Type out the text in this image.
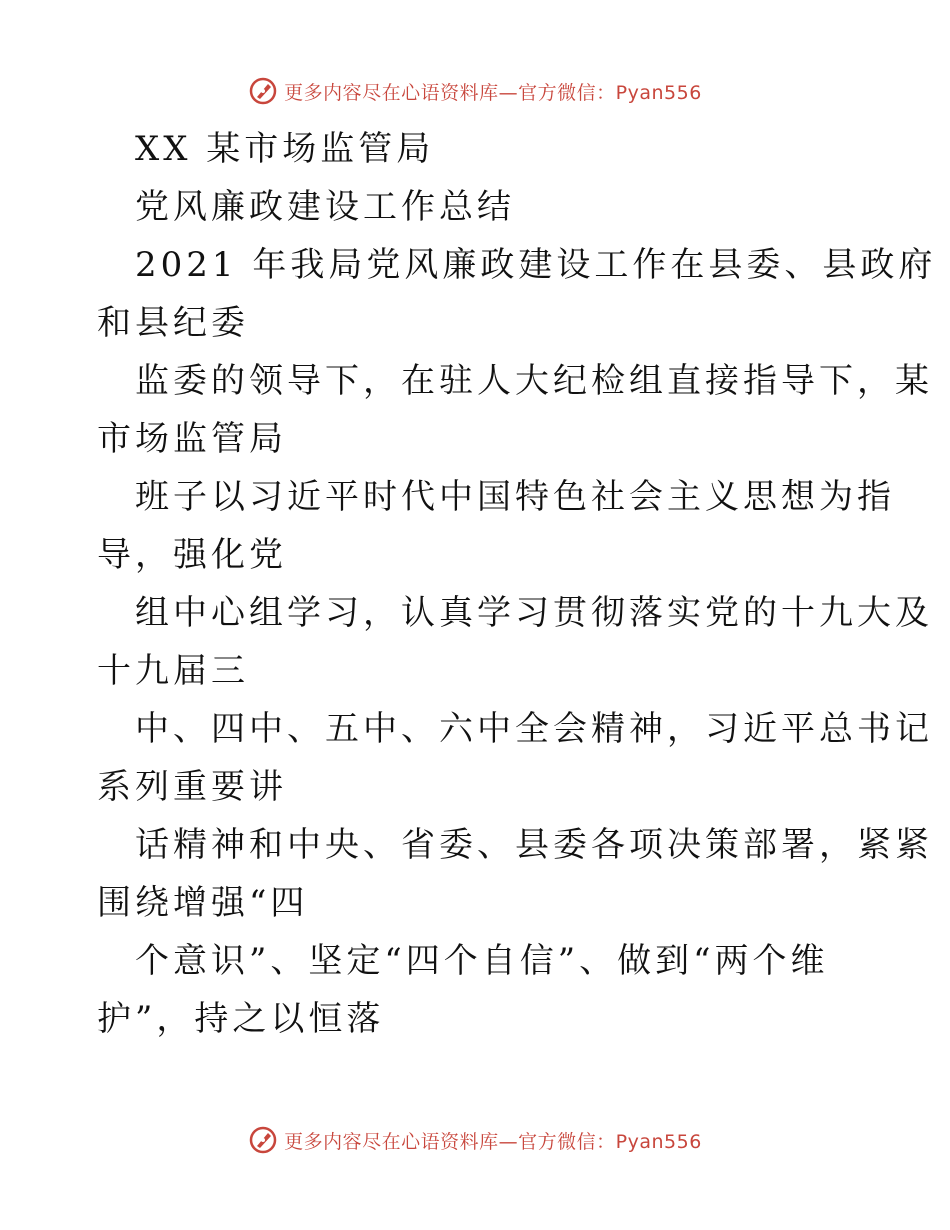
更多内容尽在心语资料库—官方微信：Pyan556
XX 某市场监管局
党风廉政建设工作总结
2021 年我局党风廉政建设工作在县委、县政府
和县纪委
监委的领导下，在驻人大纪检组直接指导下，某
市场监管局
班子以习近平时代中国特色社会主义思想为指
导，强化党
组中心组学习，认真学习贯彻落实党的十九大及
十九届三
中、四中、五中、六中全会精神，习近平总书记
系列重要讲
话精神和中央、省委、县委各项决策部署，紧紧
围绕增强“四
个意识”、坚定“四个自信”、做到“两个维
护”，持之以恒落
更多内容尽在心语资料库—官方微信：Pyan556
